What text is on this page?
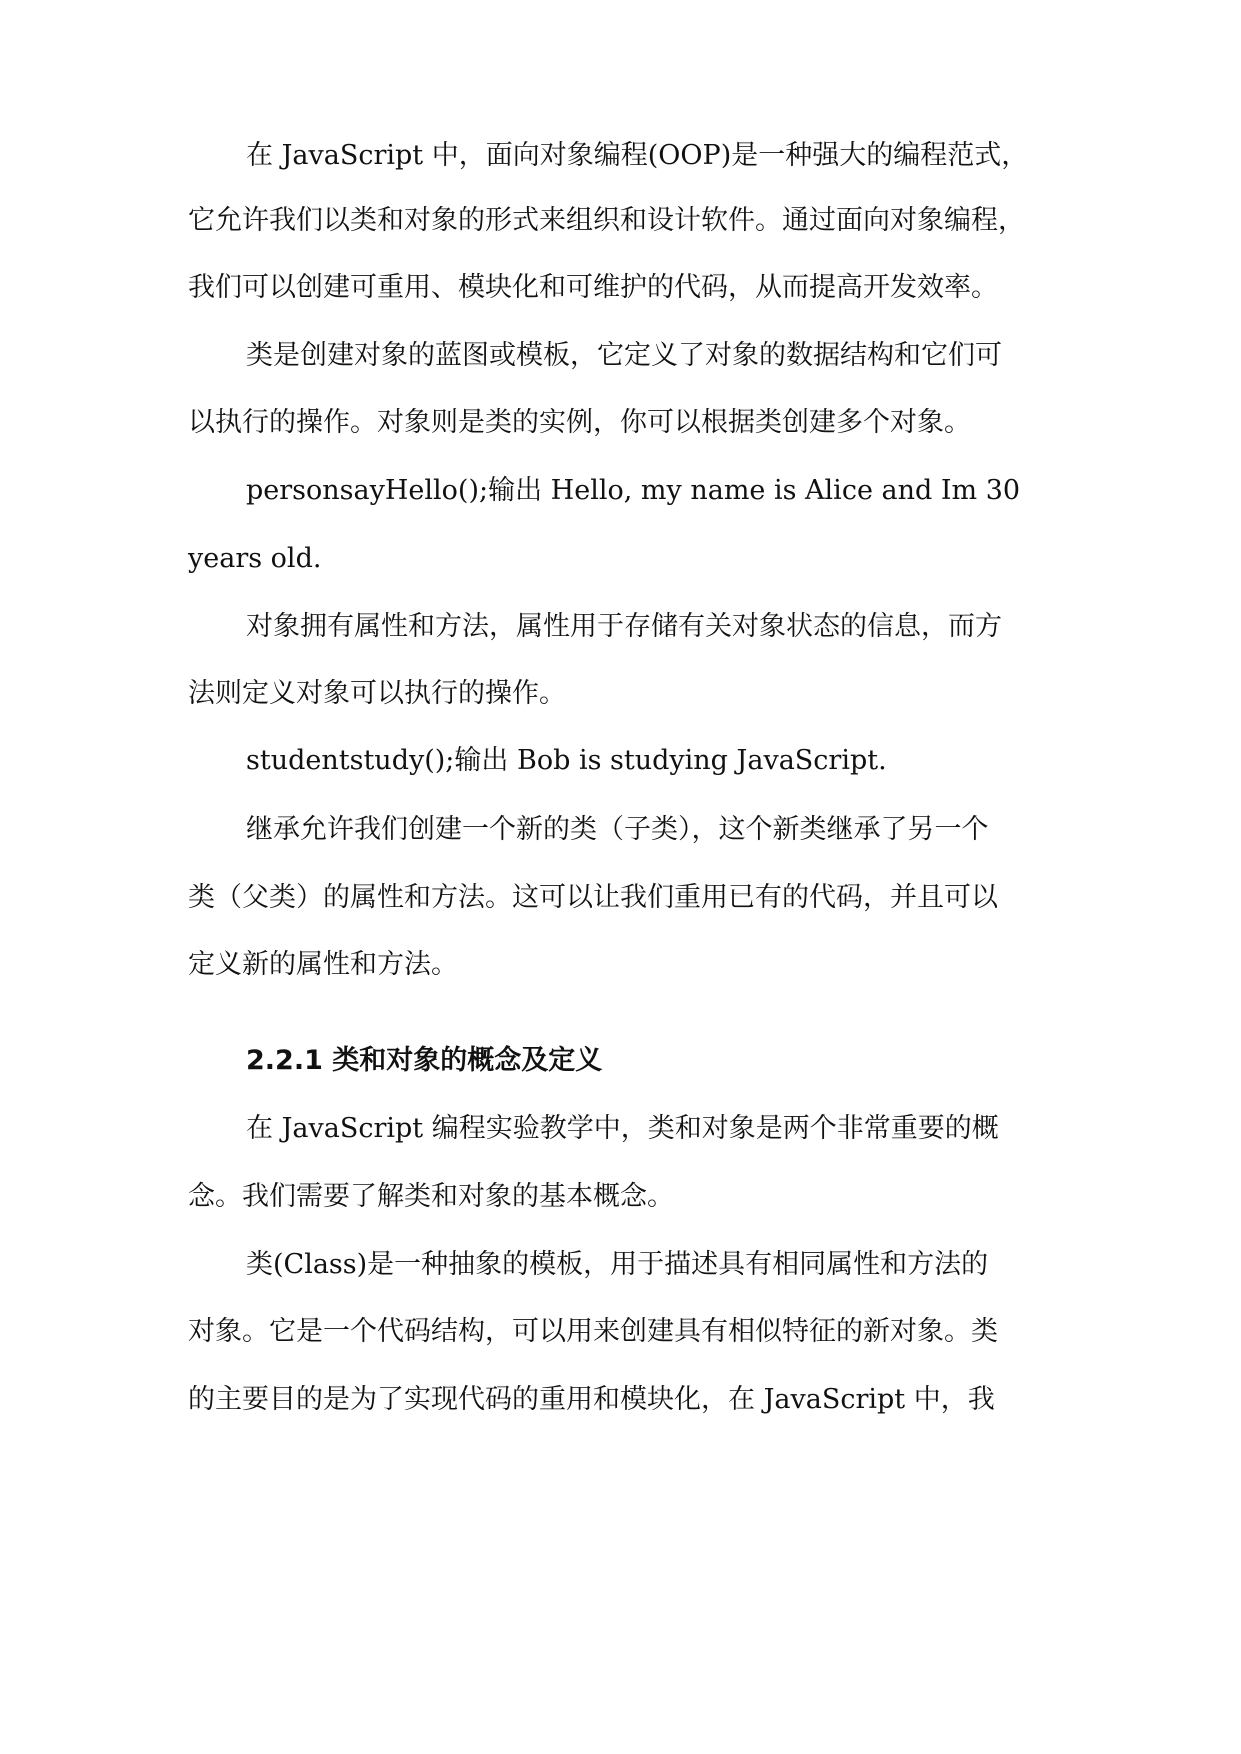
在 JavaScript 中，面向对象编程(OOP)是一种强大的编程范式，
它允许我们以类和对象的形式来组织和设计软件。通过面向对象编程，
我们可以创建可重用、模块化和可维护的代码，从而提高开发效率。
类是创建对象的蓝图或模板，它定义了对象的数据结构和它们可
以执行的操作。对象则是类的实例，你可以根据类创建多个对象。
personsayHello();输出 Hello, my name is Alice and Im 30
years old.
对象拥有属性和方法，属性用于存储有关对象状态的信息，而方
法则定义对象可以执行的操作。
studentstudy();输出 Bob is studying JavaScript.
继承允许我们创建一个新的类（子类），这个新类继承了另一个
类（父类）的属性和方法。这可以让我们重用已有的代码，并且可以
定义新的属性和方法。
2.2.1 类和对象的概念及定义
在 JavaScript 编程实验教学中，类和对象是两个非常重要的概
念。我们需要了解类和对象的基本概念。
类(Class)是一种抽象的模板，用于描述具有相同属性和方法的
对象。它是一个代码结构，可以用来创建具有相似特征的新对象。类
的主要目的是为了实现代码的重用和模块化，在 JavaScript 中，我
